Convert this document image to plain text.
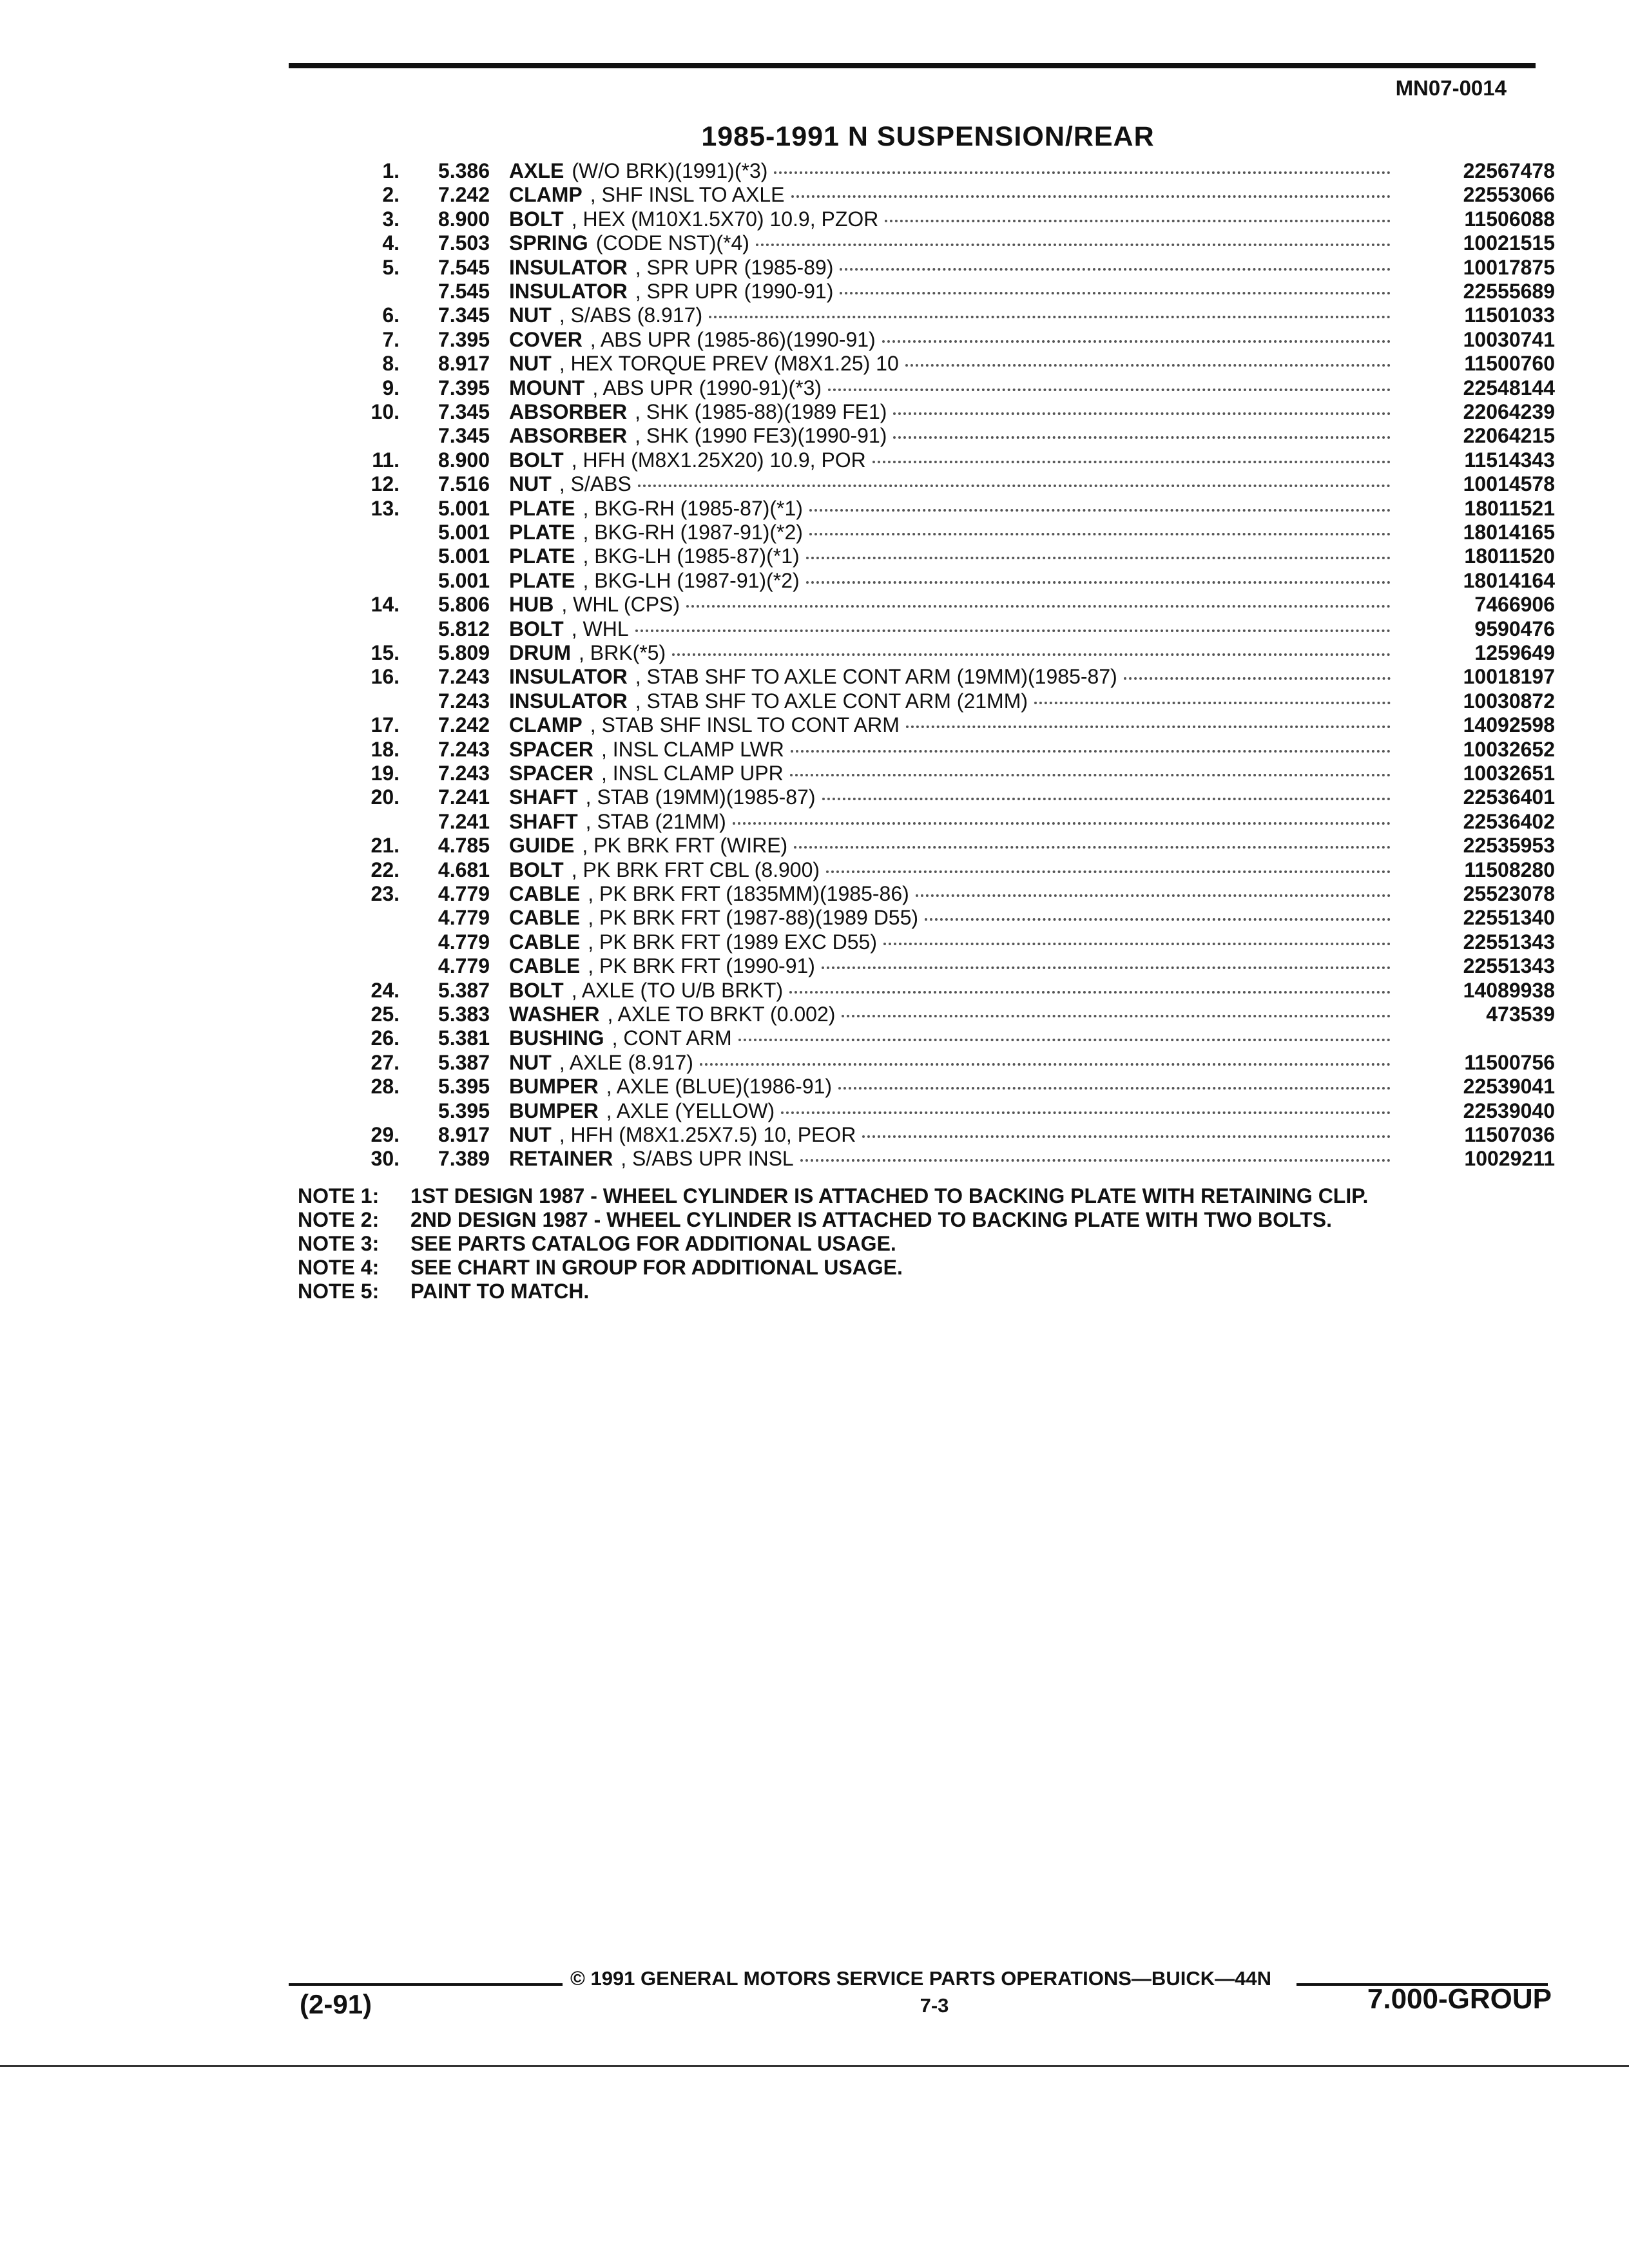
MN07-0014
1985-1991 N SUSPENSION/REAR
1.	5.386 AXLE (W/O BRK)(1991)(*3)	22567478
2.	7.242 CLAMP , SHF INSL TO AXLE	22553066
3.	8.900 BOLT , HEX (M10X1.5X70) 10.9, PZOR	11506088
4.	7.503 SPRING (CODE NST)(*4)	10021515
5.	7.545 INSULATOR , SPR UPR (1985-89)	10017875
7.545 INSULATOR , SPR UPR (1990-91)	22555689
6.	7.345 NUT , S/ABS (8.917)	11501033
7.	7.395 COVER , ABS UPR (1985-86)(1990-91)	10030741
8.	8.917 NUT , HEX TORQUE PREV (M8X1.25) 10	11500760
9.	7.395 MOUNT , ABS UPR (1990-91)(*3)	22548144
10.	7.345 ABSORBER , SHK (1985-88)(1989 FE1)	22064239
7.345 ABSORBER , SHK (1990 FE3)(1990-91)	22064215
11.	8.900 BOLT , HFH (M8X1.25X20) 10.9, POR	11514343
12.	7.516 NUT , S/ABS	10014578
13.	5.001 PLATE , BKG-RH (1985-87)(*1)	18011521
5.001 PLATE , BKG-RH (1987-91)(*2)	18014165
5.001 PLATE , BKG-LH (1985-87)(*1)	18011520
5.001 PLATE , BKG-LH (1987-91)(*2)	18014164
14.	5.806 HUB , WHL (CPS)	7466906
5.812 BOLT , WHL	9590476
15.	5.809 DRUM , BRK(*5)	1259649
16.	7.243 INSULATOR , STAB SHF TO AXLE CONT ARM (19MM)(1985-87)	10018197
7.243 INSULATOR , STAB SHF TO AXLE CONT ARM (21MM)	10030872
17.	7.242 CLAMP , STAB SHF INSL TO CONT ARM	14092598
18.	7.243 SPACER , INSL CLAMP LWR	10032652
19.	7.243 SPACER , INSL CLAMP UPR	10032651
20.	7.241 SHAFT , STAB (19MM)(1985-87)	22536401
7.241 SHAFT , STAB (21MM)	22536402
21.	4.785 GUIDE , PK BRK FRT (WIRE)	22535953
22.	4.681 BOLT , PK BRK FRT CBL (8.900)	11508280
23.	4.779 CABLE , PK BRK FRT (1835MM)(1985-86)	25523078
4.779 CABLE , PK BRK FRT (1987-88)(1989 D55)	22551340
4.779 CABLE , PK BRK FRT (1989 EXC D55)	22551343
4.779 CABLE , PK BRK FRT (1990-91)	22551343
24.	5.387 BOLT , AXLE (TO U/B BRKT)	14089938
25.	5.383 WASHER , AXLE TO BRKT (0.002)	473539
26.	5.381 BUSHING , CONT ARM
27.	5.387 NUT , AXLE (8.917)	11500756
28.	5.395 BUMPER , AXLE (BLUE)(1986-91)	22539041
5.395 BUMPER , AXLE (YELLOW)	22539040
29.	8.917 NUT , HFH (M8X1.25X7.5) 10, PEOR	11507036
30.	7.389 RETAINER , S/ABS UPR INSL	10029211
NOTE 1: 1ST DESIGN 1987 - WHEEL CYLINDER IS ATTACHED TO BACKING PLATE WITH RETAINING CLIP.
NOTE 2: 2ND DESIGN 1987 - WHEEL CYLINDER IS ATTACHED TO BACKING PLATE WITH TWO BOLTS.
NOTE 3: SEE PARTS CATALOG FOR ADDITIONAL USAGE.
NOTE 4: SEE CHART IN GROUP FOR ADDITIONAL USAGE.
NOTE 5: PAINT TO MATCH.
© 1991 GENERAL MOTORS SERVICE PARTS OPERATIONS—BUICK—44N
(2-91)	7-3	7.000-GROUP
